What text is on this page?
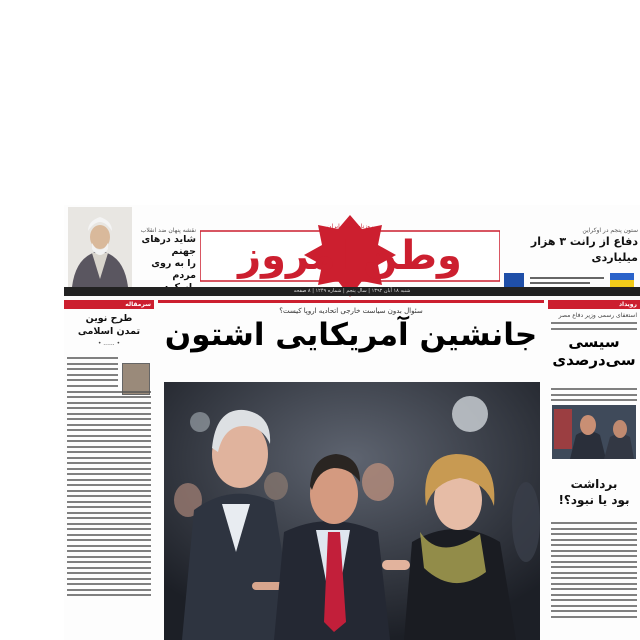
نقشه پنهان ضد انقلاب
شاید درهای جهنم
را به روی مردم وطن امروز
روزنامه صبح ایران
ستون پنجم در اوکراین
دفاع از رانت ۳ هزار میلیاردی
شنبه ۱۸ آبان ۱۳۹۲ | سال پنجم | شماره ۱۲۴۹ | ۸ صفحه
سرمقاله
طرح نوین
تمدن اسلامی
• ...... •
سئوال بدون سیاست خارجی اتحادیه اروپا کیست؟
جانشین آمریکایی اشتون
رویداد
استعفای رسمی وزیر دفاع مصر
سیسی
سی‌درصدی
برداشت
بود یا نبود؟!
